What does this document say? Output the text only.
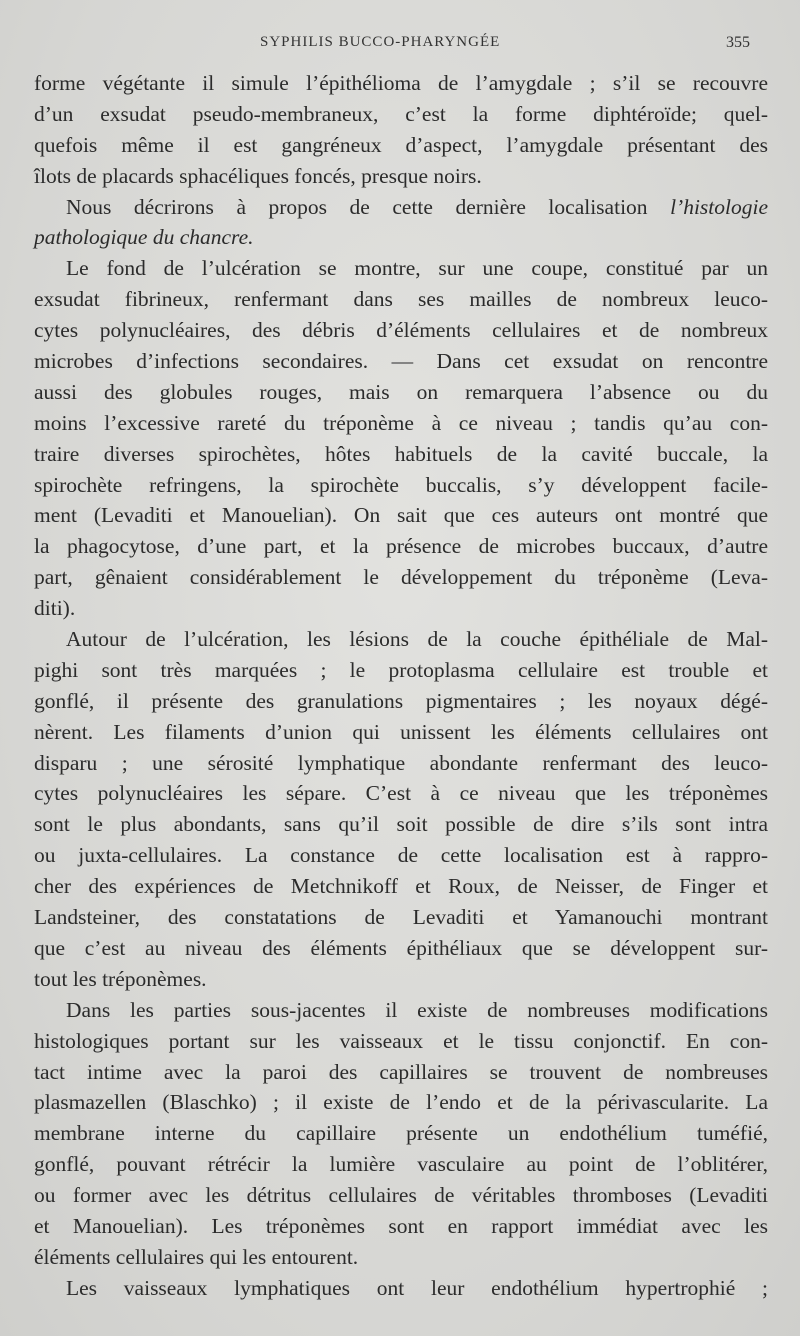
SYPHILIS BUCCO-PHARYNGÉE	355
forme végétante il simule l’épithélioma de l’amygdale ; s’il se recouvre
d’un exsudat pseudo-membraneux, c’est la forme diphtéroïde; quel-
quefois même il est gangréneux d’aspect, l’amygdale présentant des
îlots de placards sphacéliques foncés, presque noirs.
Nous décrirons à propos de cette dernière localisation l’histologie
pathologique du chancre.
Le fond de l’ulcération se montre, sur une coupe, constitué par un
exsudat fibrineux, renfermant dans ses mailles de nombreux leuco-
cytes polynucléaires, des débris d’éléments cellulaires et de nombreux
microbes d’infections secondaires. — Dans cet exsudat on rencontre
aussi des globules rouges, mais on remarquera l’absence ou du
moins l’excessive rareté du tréponème à ce niveau ; tandis qu’au con-
traire diverses spirochètes, hôtes habituels de la cavité buccale, la
spirochète refringens, la spirochète buccalis, s’y développent facile-
ment (Levaditi et Manouelian). On sait que ces auteurs ont montré que
la phagocytose, d’une part, et la présence de microbes buccaux, d’autre
part, gênaient considérablement le développement du tréponème (Leva-
diti).
Autour de l’ulcération, les lésions de la couche épithéliale de Mal-
pighi sont très marquées ; le protoplasma cellulaire est trouble et
gonflé, il présente des granulations pigmentaires ; les noyaux dégé-
nèrent. Les filaments d’union qui unissent les éléments cellulaires ont
disparu ; une sérosité lymphatique abondante renfermant des leuco-
cytes polynucléaires les sépare. C’est à ce niveau que les tréponèmes
sont le plus abondants, sans qu’il soit possible de dire s’ils sont intra
ou juxta-cellulaires. La constance de cette localisation est à rappro-
cher des expériences de Metchnikoff et Roux, de Neisser, de Finger et
Landsteiner, des constatations de Levaditi et Yamanouchi montrant
que c’est au niveau des éléments épithéliaux que se développent sur-
tout les tréponèmes.
Dans les parties sous-jacentes il existe de nombreuses modifications
histologiques portant sur les vaisseaux et le tissu conjonctif. En con-
tact intime avec la paroi des capillaires se trouvent de nombreuses
plasmazellen (Blaschko) ; il existe de l’endo et de la périvascularite. La
membrane interne du capillaire présente un endothélium tuméfié,
gonflé, pouvant rétrécir la lumière vasculaire au point de l’oblitérer,
ou former avec les détritus cellulaires de véritables thromboses (Levaditi
et Manouelian). Les tréponèmes sont en rapport immédiat avec les
éléments cellulaires qui les entourent.
Les vaisseaux lymphatiques ont leur endothélium hypertrophié ;
